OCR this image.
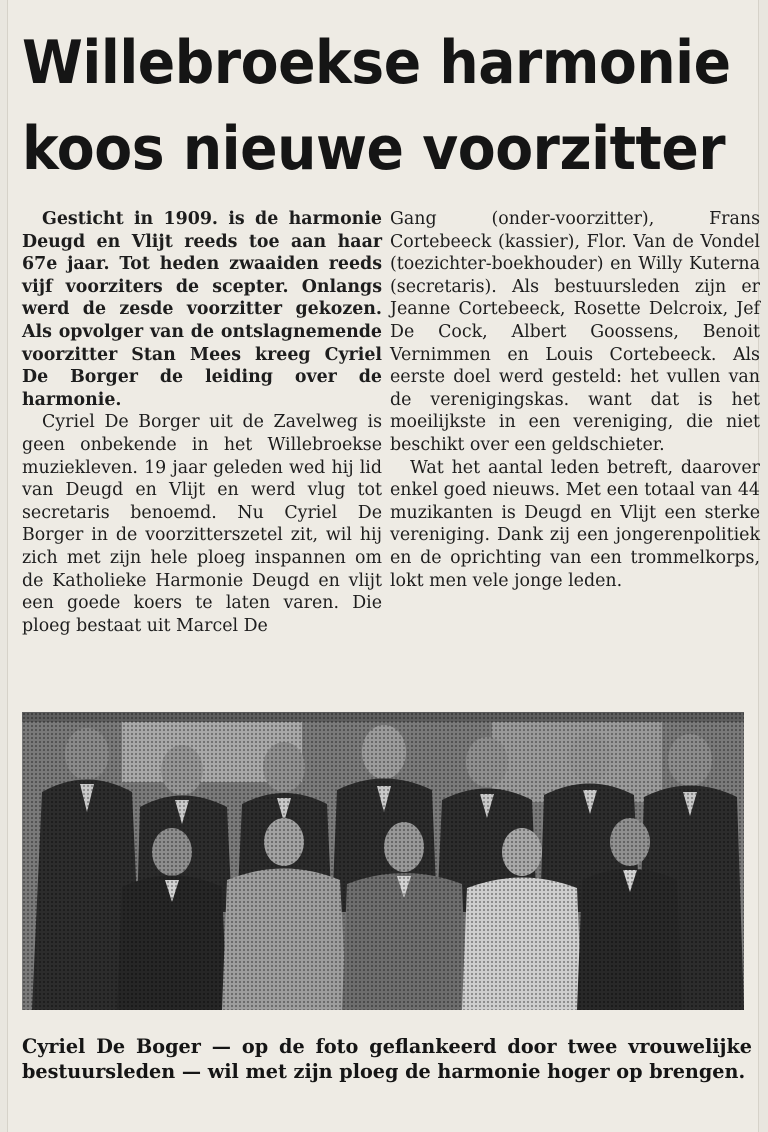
Willebroekse harmonie
koos nieuwe voorzitter

Gesticht in 1909. is de harmonie Deugd en Vlijt reeds toe aan haar 67e jaar. Tot heden zwaaiden reeds vijf voorziters de scepter. Onlangs werd de zesde voorzitter gekozen. Als opvolger van de ontslagnemende voorzitter Stan Mees kreeg Cyriel De Borger de leiding over de harmonie.

Cyriel De Borger uit de Zavelweg is geen onbekende in het Willebroekse muziekleven. 19 jaar geleden wed hij lid van Deugd en Vlijt en werd vlug tot secretaris benoemd. Nu Cyriel De Borger in de voorzitterszetel zit, wil hij zich met zijn hele ploeg inspannen om de Katholieke Harmonie Deugd en vlijt een goede koers te laten varen. Die ploeg bestaat uit Marcel De

Gang (onder-voorzitter), Frans Cortebeeck (kassier), Flor. Van de Vondel (toezichter-boekhouder) en Willy Kuterna (secretaris). Als bestuursleden zijn er Jeanne Cortebeeck, Rosette Delcroix, Jef De Cock, Albert Goossens, Benoit Vernimmen en Louis Cortebeeck. Als eerste doel werd gesteld: het vullen van de verenigingskas. want dat is het moeilijkste in een vereniging, die niet beschikt over een geldschieter.

Wat het aantal leden betreft, daarover enkel goed nieuws. Met een totaal van 44 muzikanten is Deugd en Vlijt een sterke vereniging. Dank zij een jongerenpolitiek en de oprichting van een trommelkorps, lokt men vele jonge leden.

Cyriel De Boger — op de foto geflankeerd door twee vrouwelijke bestuursleden — wil met zijn ploeg de harmonie hoger op brengen.
